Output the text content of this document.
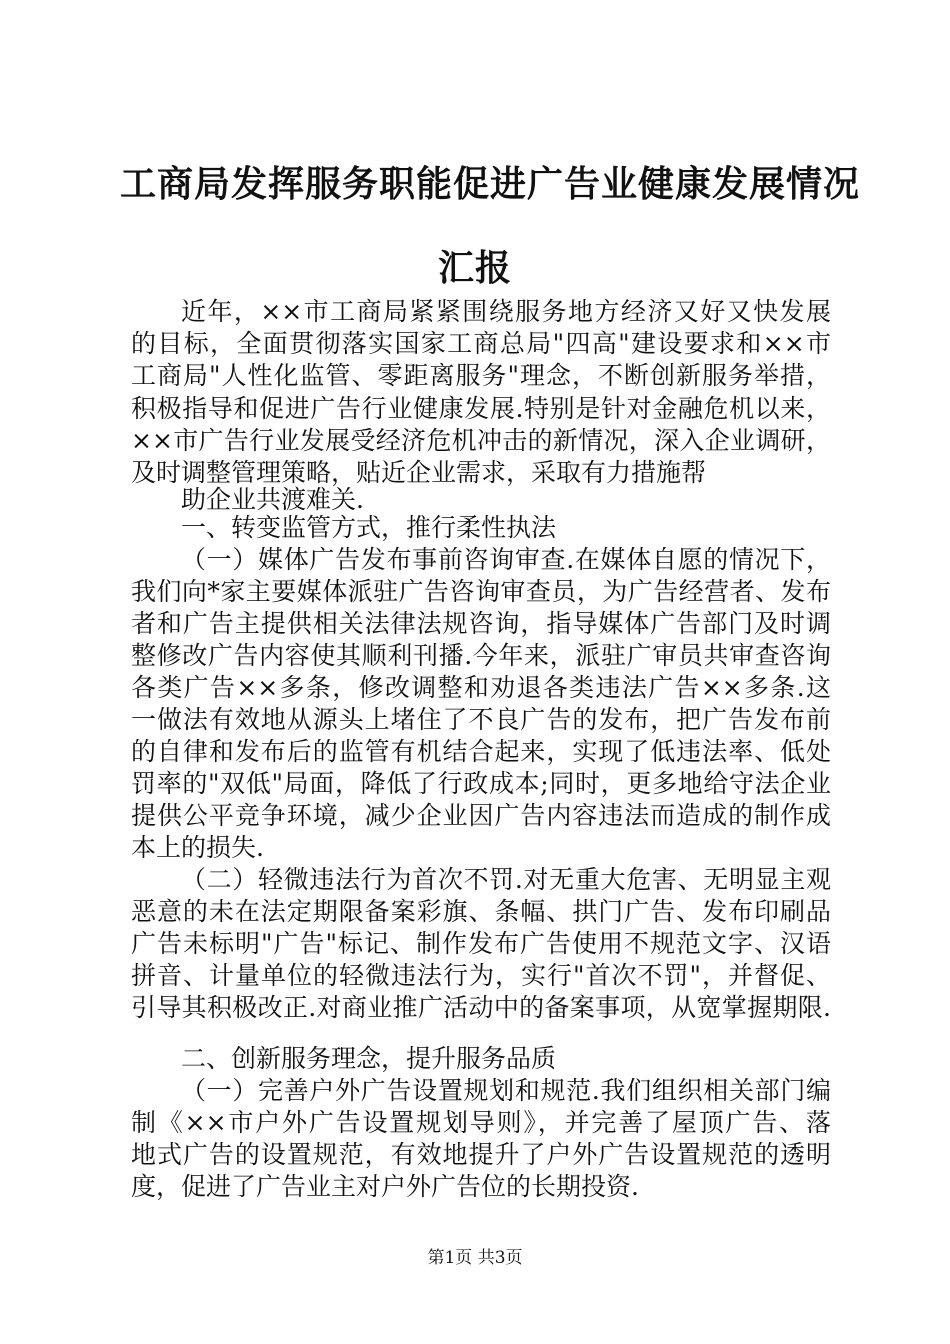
工商局发挥服务职能促进广告业健康发展情况
汇报
近年，××市工商局紧紧围绕服务地方经济又好又快发展
的目标，全面贯彻落实国家工商总局"四高"建设要求和××市
工商局"人性化监管、零距离服务"理念，不断创新服务举措，
积极指导和促进广告行业健康发展.特别是针对金融危机以来，
××市广告行业发展受经济危机冲击的新情况，深入企业调研，
及时调整管理策略，贴近企业需求，采取有力措施帮
助企业共渡难关.
一、转变监管方式，推行柔性执法
（一）媒体广告发布事前咨询审查.在媒体自愿的情况下，
我们向*家主要媒体派驻广告咨询审查员，为广告经营者、发布
者和广告主提供相关法律法规咨询，指导媒体广告部门及时调
整修改广告内容使其顺利刊播.今年来，派驻广审员共审查咨询
各类广告××多条，修改调整和劝退各类违法广告××多条.这
一做法有效地从源头上堵住了不良广告的发布，把广告发布前
的自律和发布后的监管有机结合起来，实现了低违法率、低处
罚率的"双低"局面，降低了行政成本;同时，更多地给守法企业
提供公平竞争环境，减少企业因广告内容违法而造成的制作成
本上的损失.
（二）轻微违法行为首次不罚.对无重大危害、无明显主观
恶意的未在法定期限备案彩旗、条幅、拱门广告、发布印刷品
广告未标明"广告"标记、制作发布广告使用不规范文字、汉语
拼音、计量单位的轻微违法行为，实行"首次不罚"，并督促、
引导其积极改正.对商业推广活动中的备案事项，从宽掌握期限.
二、创新服务理念，提升服务品质
（一）完善户外广告设置规划和规范.我们组织相关部门编
制《××市户外广告设置规划导则》，并完善了屋顶广告、落
地式广告的设置规范，有效地提升了户外广告设置规范的透明
度，促进了广告业主对户外广告位的长期投资.
第1页 共3页
